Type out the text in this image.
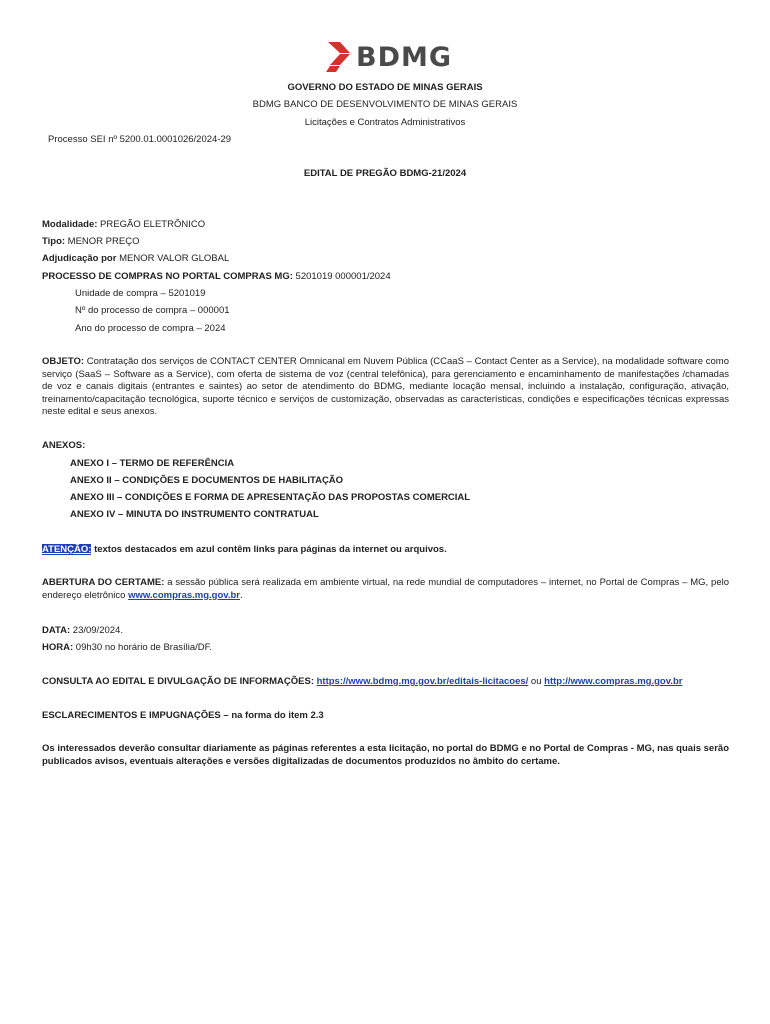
BDMG
GOVERNO DO ESTADO DE MINAS GERAIS
BDMG BANCO DE DESENVOLVIMENTO DE MINAS GERAIS
Licitações e Contratos Administrativos
Processo SEI nº 5200.01.0001026/2024-29
EDITAL DE PREGÃO BDMG-21/2024
Modalidade: PREGÃO ELETRÔNICO
Tipo: MENOR PREÇO
Adjudicação por MENOR VALOR GLOBAL
PROCESSO DE COMPRAS NO PORTAL COMPRAS MG: 5201019 000001/2024
Unidade de compra – 5201019
Nº do processo de compra – 000001
Ano do processo de compra – 2024
OBJETO: Contratação dos serviços de CONTACT CENTER Omnicanal em Nuvem Pública (CCaaS – Contact Center as a Service), na modalidade software como serviço (SaaS – Software as a Service), com oferta de sistema de voz (central telefônica), para gerenciamento e encaminhamento de manifestações /chamadas de voz e canais digitais (entrantes e saintes) ao setor de atendimento do BDMG, mediante locação mensal, incluindo a instalação, configuração, ativação, treinamento/capacitação tecnológica, suporte técnico e serviços de customização, observadas as características, condições e especificações técnicas expressas neste edital e seus anexos.
ANEXOS:
ANEXO I – TERMO DE REFERÊNCIA
ANEXO II – CONDIÇÕES E DOCUMENTOS DE HABILITAÇÃO
ANEXO III – CONDIÇÕES E FORMA DE APRESENTAÇÃO DAS PROPOSTAS COMERCIAL
ANEXO IV – MINUTA DO INSTRUMENTO CONTRATUAL
ATENÇÃO: textos destacados em azul contêm links para páginas da internet ou arquivos.
ABERTURA DO CERTAME: a sessão pública será realizada em ambiente virtual, na rede mundial de computadores – internet, no Portal de Compras – MG, pelo endereço eletrônico www.compras.mg.gov.br.
DATA: 23/09/2024.
HORA: 09h30 no horário de Brasília/DF.
CONSULTA AO EDITAL E DIVULGAÇÃO DE INFORMAÇÕES: https://www.bdmg.mg.gov.br/editais-licitacoes/ ou http://www.compras.mg.gov.br
ESCLARECIMENTOS E IMPUGNAÇÕES – na forma do item 2.3
Os interessados deverão consultar diariamente as páginas referentes a esta licitação, no portal do BDMG e no Portal de Compras - MG, nas quais serão publicados avisos, eventuais alterações e versões digitalizadas de documentos produzidos no âmbito do certame.
